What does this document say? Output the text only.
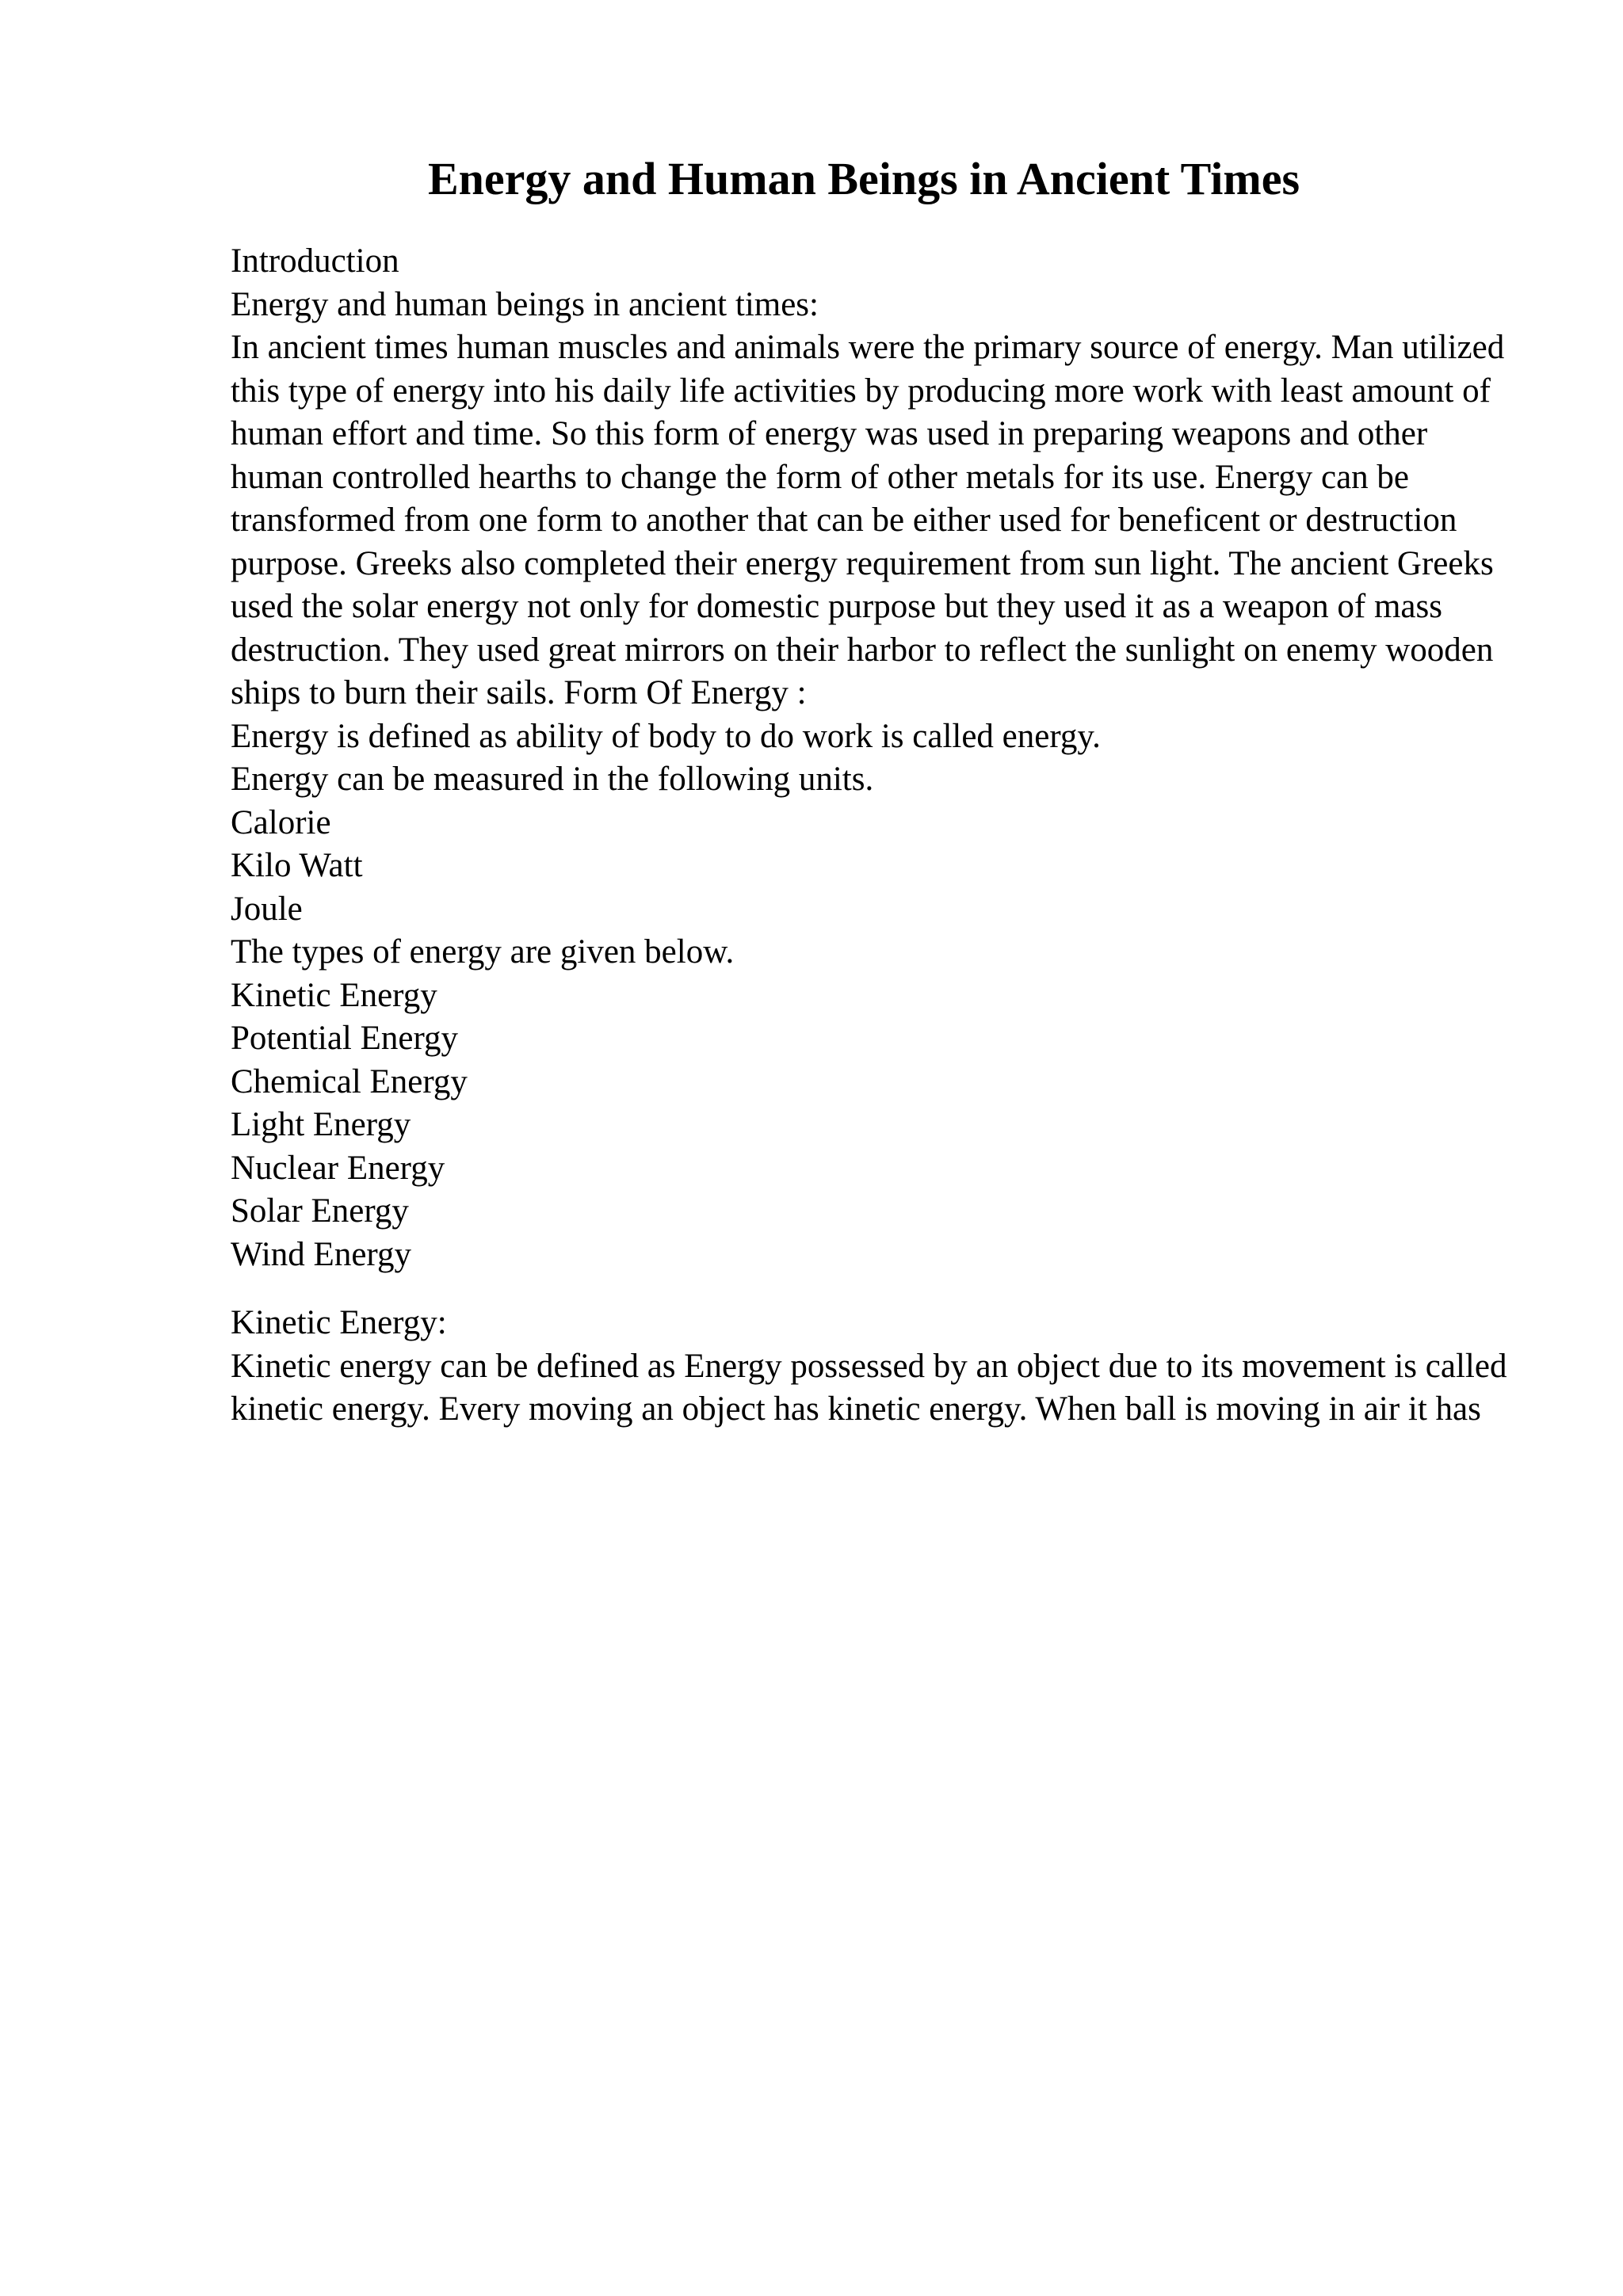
Energy and Human Beings in Ancient Times

Introduction

Energy and human beings in ancient times:

In ancient times human muscles and animals were the primary source of energy. Man utilized this type of energy into his daily life activities by producing more work with least amount of human effort and time. So this form of energy was used in preparing weapons and other human controlled hearths to change the form of other metals for its use. Energy can be transformed from one form to another that can be either used for beneficent or destruction purpose. Greeks also completed their energy requirement from sun light. The ancient Greeks used the solar energy not only for domestic purpose but they used it as a weapon of mass destruction. They used great mirrors on their harbor to reflect the sunlight on enemy wooden ships to burn their sails. Form Of Energy :

Energy is defined as ability of body to do work is called energy.

Energy can be measured in the following units.

Calorie

Kilo Watt

Joule

The types of energy are given below.

Kinetic Energy

Potential Energy

Chemical Energy

Light Energy

Nuclear Energy

Solar Energy

Wind Energy

Kinetic Energy:

Kinetic energy can be defined as Energy possessed by an object due to its movement is called kinetic energy. Every moving an object has kinetic energy. When ball is moving in air it has
